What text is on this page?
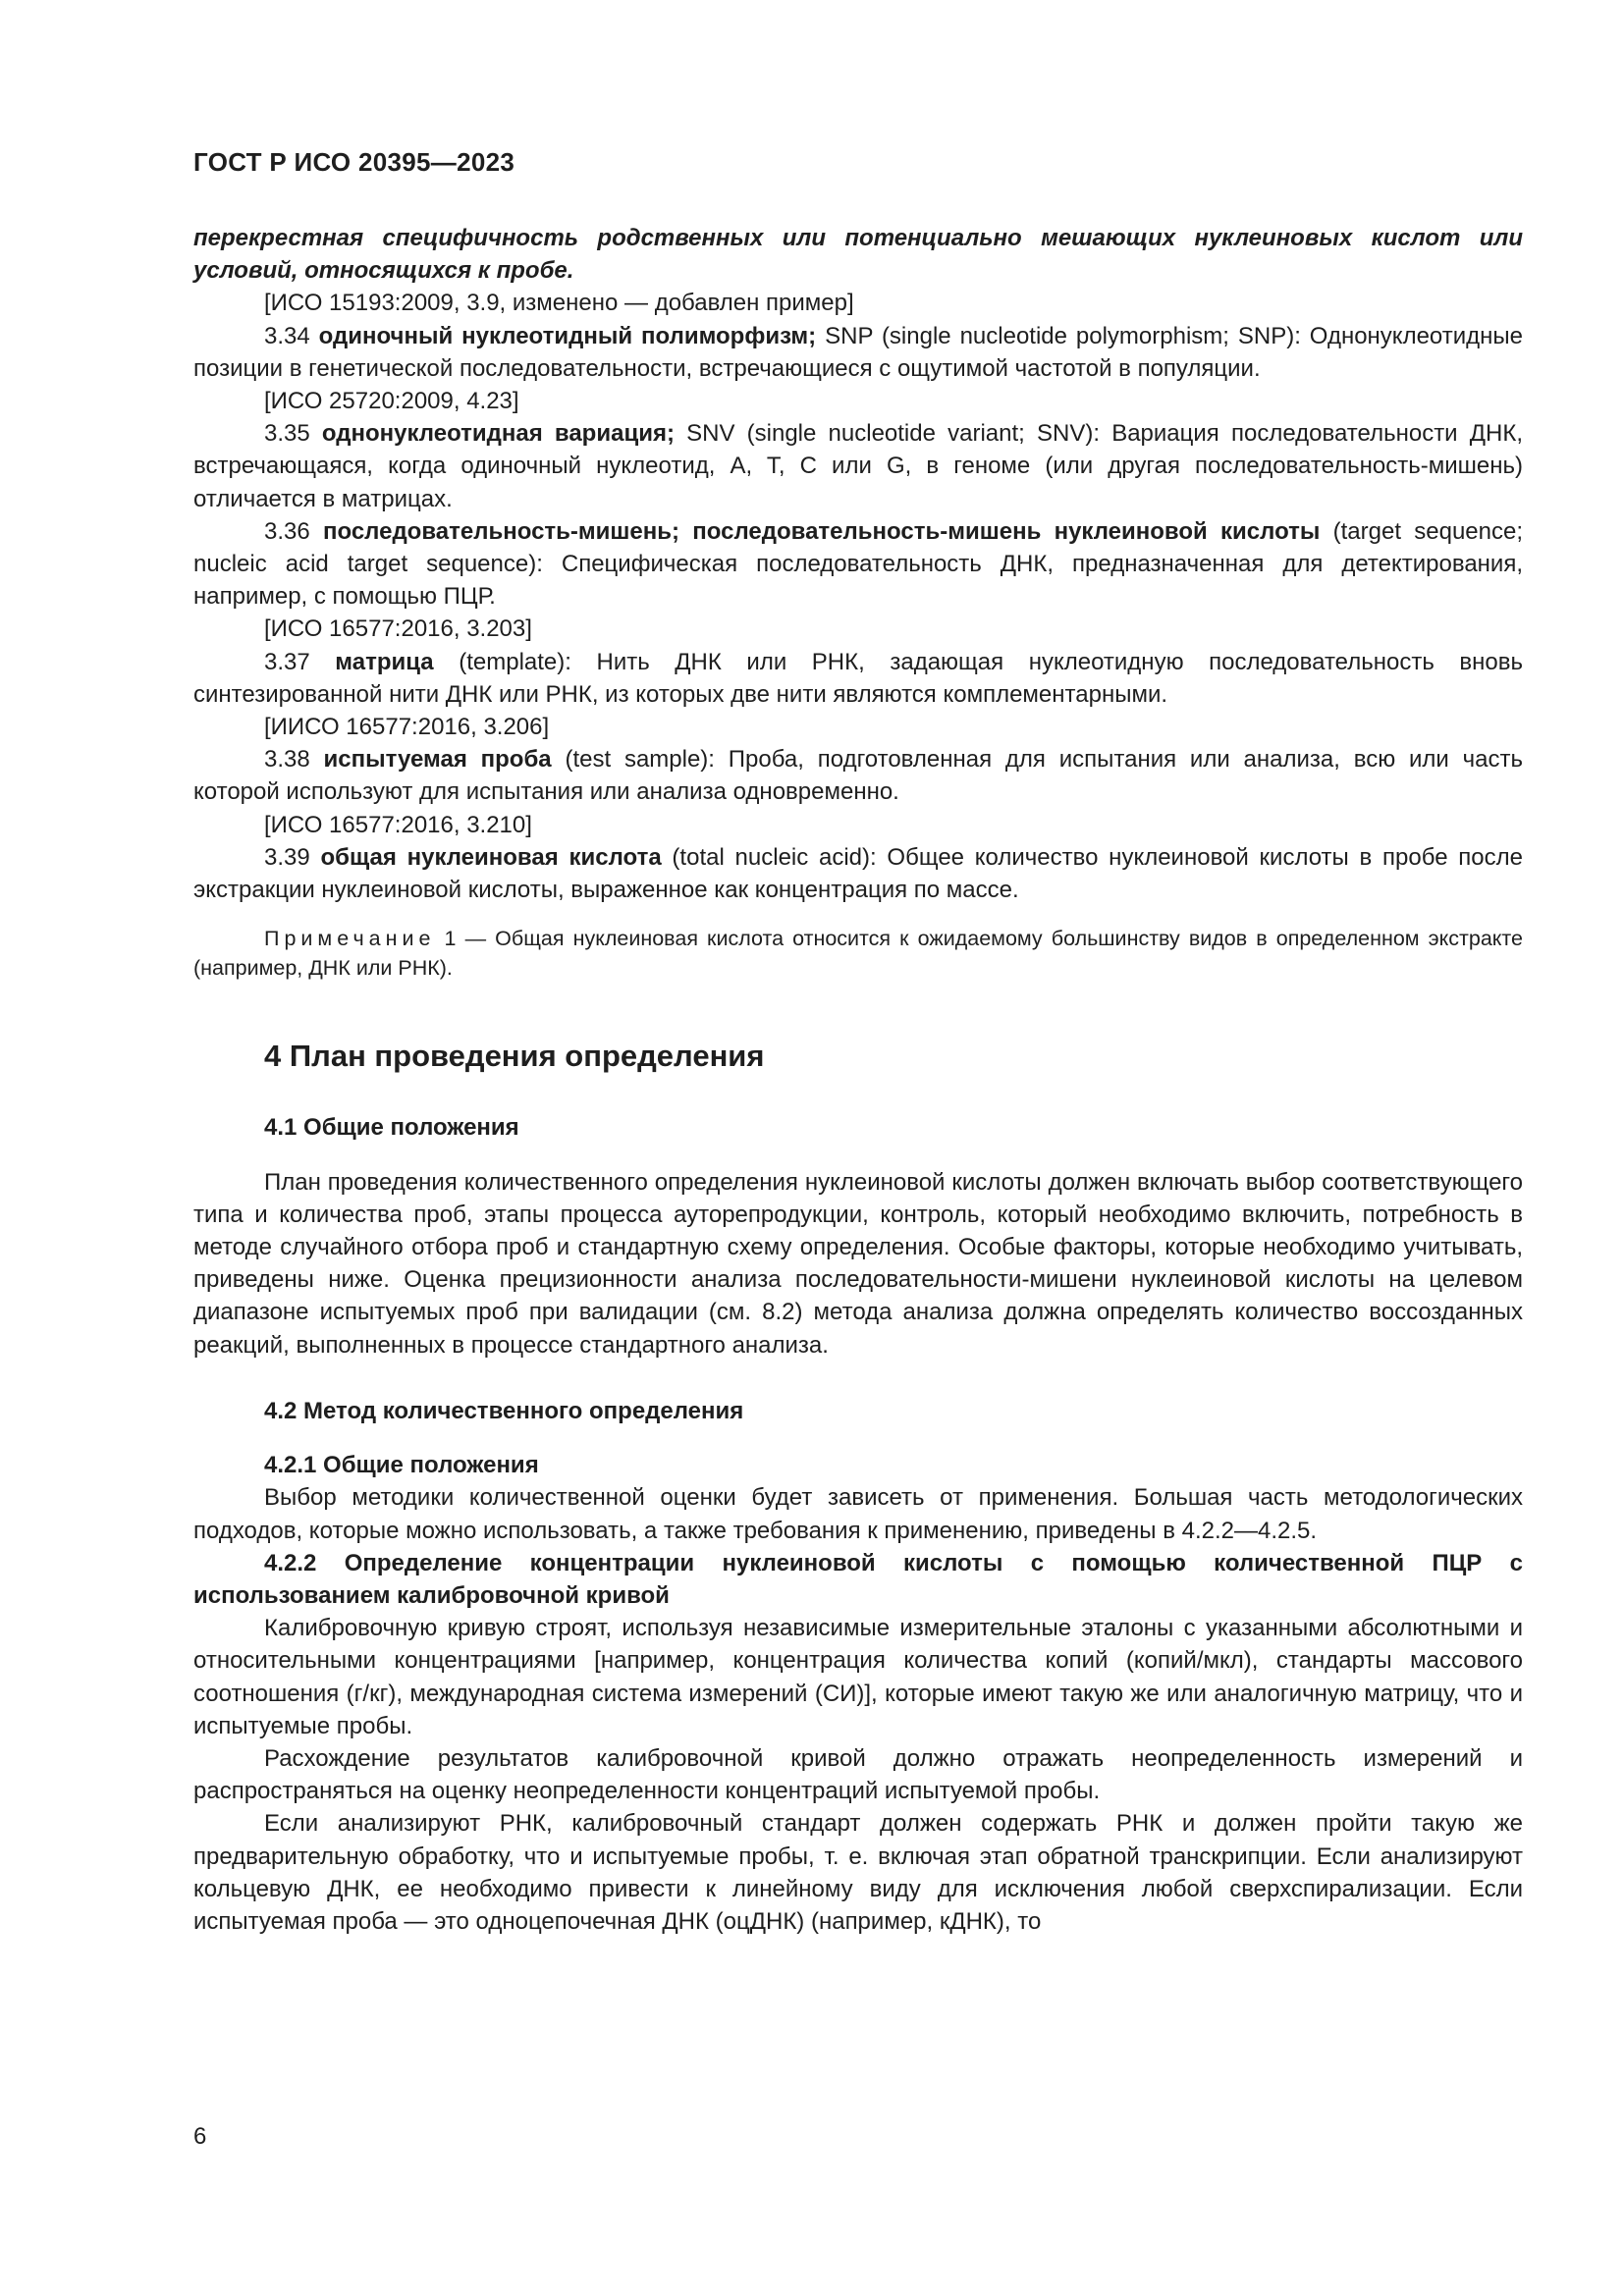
ГОСТ Р ИСО 20395—2023

перекрестная специфичность родственных или потенциально мешающих нуклеиновых кислот или условий, относящихся к пробе.

[ИСО 15193:2009, 3.9, изменено — добавлен пример]

3.34 одиночный нуклеотидный полиморфизм; SNP (single nucleotide polymorphism; SNP): Однонуклеотидные позиции в генетической последовательности, встречающиеся с ощутимой частотой в популяции.

[ИСО 25720:2009, 4.23]

3.35 однонуклеотидная вариация; SNV (single nucleotide variant; SNV): Вариация последовательности ДНК, встречающаяся, когда одиночный нуклеотид, A, T, C или G, в геноме (или другая последовательность-мишень) отличается в матрицах.

3.36 последовательность-мишень; последовательность-мишень нуклеиновой кислоты (target sequence; nucleic acid target sequence): Специфическая последовательность ДНК, предназначенная для детектирования, например, с помощью ПЦР.

[ИСО 16577:2016, 3.203]

3.37 матрица (template): Нить ДНК или РНК, задающая нуклеотидную последовательность вновь синтезированной нити ДНК или РНК, из которых две нити являются комплементарными.

[ИИСО 16577:2016, 3.206]

3.38 испытуемая проба (test sample): Проба, подготовленная для испытания или анализа, всю или часть которой используют для испытания или анализа одновременно.

[ИСО 16577:2016, 3.210]

3.39 общая нуклеиновая кислота (total nucleic acid): Общее количество нуклеиновой кислоты в пробе после экстракции нуклеиновой кислоты, выраженное как концентрация по массе.

Примечание 1 — Общая нуклеиновая кислота относится к ожидаемому большинству видов в определенном экстракте (например, ДНК или РНК).

4 План проведения определения

4.1 Общие положения

План проведения количественного определения нуклеиновой кислоты должен включать выбор соответствующего типа и количества проб, этапы процесса ауторепродукции, контроль, который необходимо включить, потребность в методе случайного отбора проб и стандартную схему определения. Особые факторы, которые необходимо учитывать, приведены ниже. Оценка прецизионности анализа последовательности-мишени нуклеиновой кислоты на целевом диапазоне испытуемых проб при валидации (см. 8.2) метода анализа должна определять количество воссозданных реакций, выполненных в процессе стандартного анализа.

4.2 Метод количественного определения

4.2.1 Общие положения

Выбор методики количественной оценки будет зависеть от применения. Большая часть методологических подходов, которые можно использовать, а также требования к применению, приведены в 4.2.2—4.2.5.

4.2.2 Определение концентрации нуклеиновой кислоты с помощью количественной ПЦР с использованием калибровочной кривой

Калибровочную кривую строят, используя независимые измерительные эталоны с указанными абсолютными и относительными концентрациями [например, концентрация количества копий (копий/мкл), стандарты массового соотношения (г/кг), международная система измерений (СИ)], которые имеют такую же или аналогичную матрицу, что и испытуемые пробы.

Расхождение результатов калибровочной кривой должно отражать неопределенность измерений и распространяться на оценку неопределенности концентраций испытуемой пробы.

Если анализируют РНК, калибровочный стандарт должен содержать РНК и должен пройти такую же предварительную обработку, что и испытуемые пробы, т. е. включая этап обратной транскрипции. Если анализируют кольцевую ДНК, ее необходимо привести к линейному виду для исключения любой сверхспирализации. Если испытуемая проба — это одноцепочечная ДНК (оцДНК) (например, кДНК), то

6
